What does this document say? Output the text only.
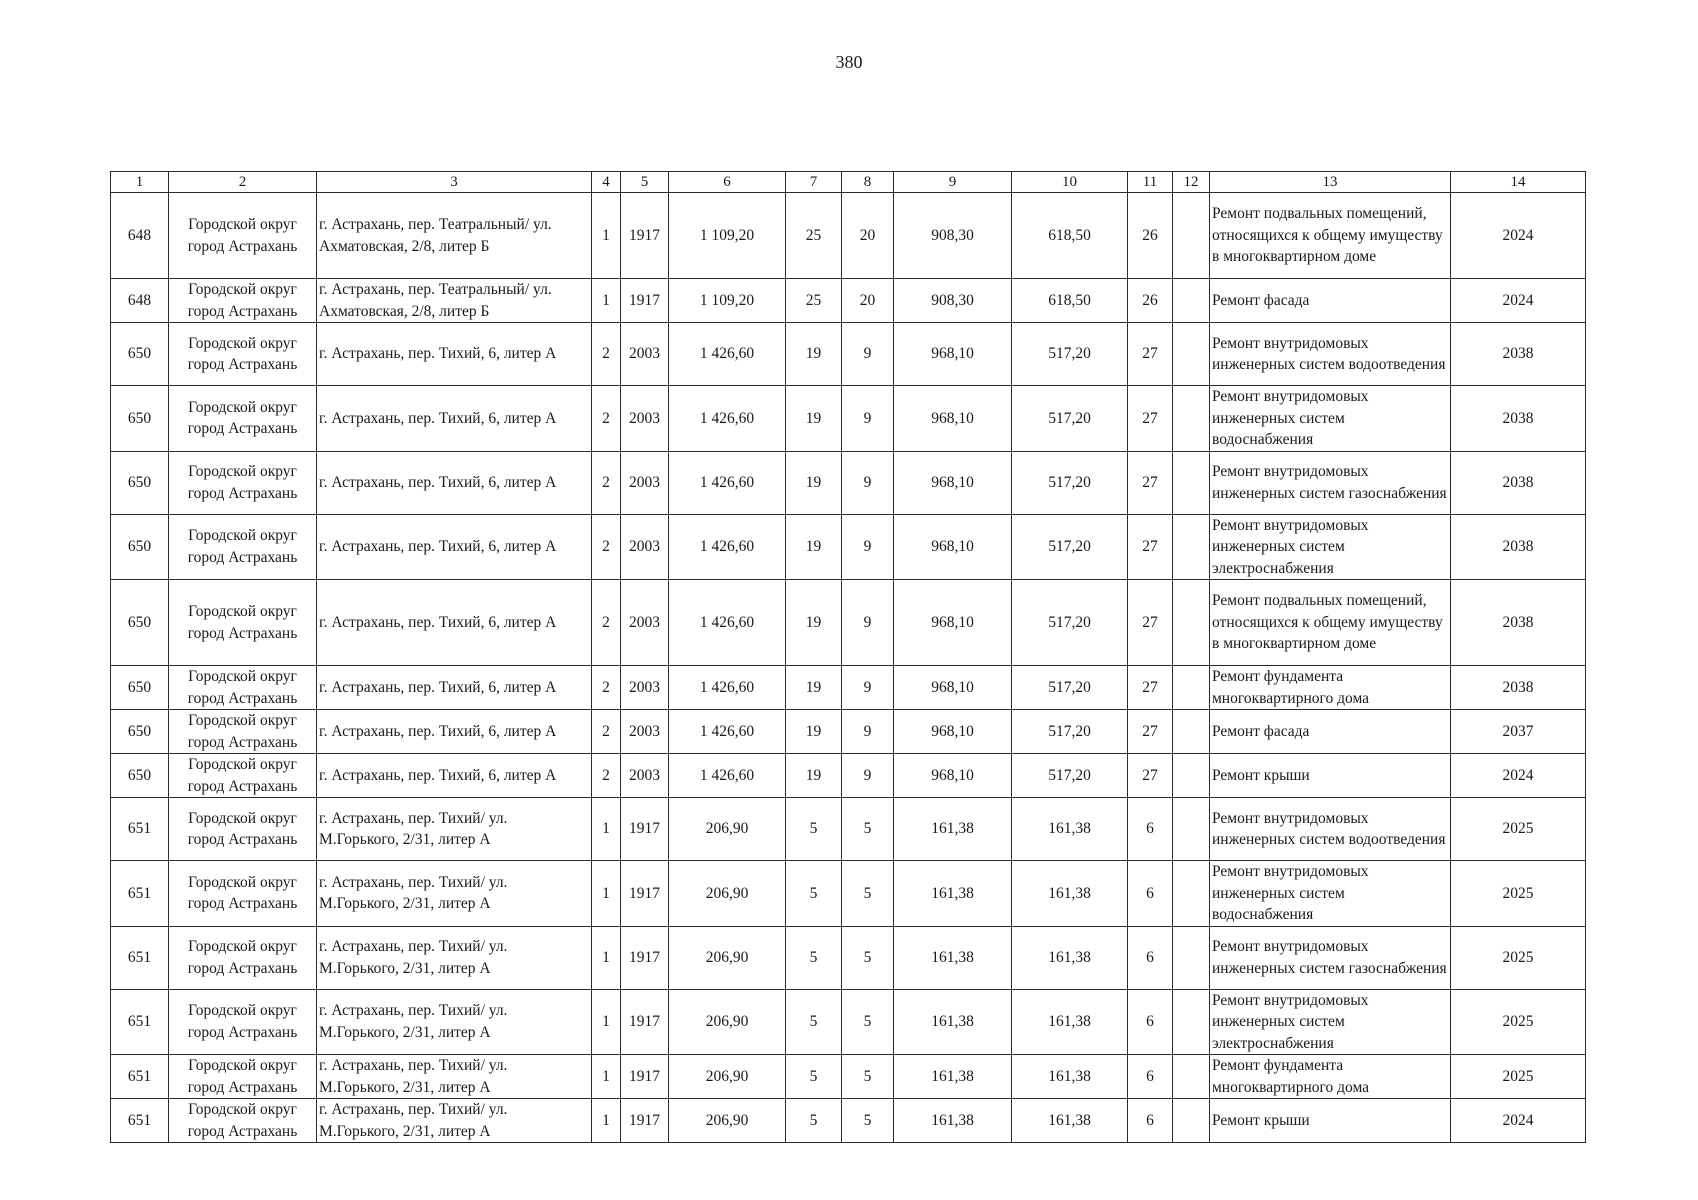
380
1	2	3	4	5	6	7	8	9	10	11	12	13	14
648	Городской округ город Астрахань	г. Астрахань, пер. Театральный/ ул. Ахматовская, 2/8, литер Б	1	1917	1 109,20	25	20	908,30	618,50	26		Ремонт подвальных помещений, относящихся к общему имуществу в многоквартирном доме	2024
648	Городской округ город Астрахань	г. Астрахань, пер. Театральный/ ул. Ахматовская, 2/8, литер Б	1	1917	1 109,20	25	20	908,30	618,50	26		Ремонт фасада	2024
650	Городской округ город Астрахань	г. Астрахань, пер. Тихий, 6, литер А	2	2003	1 426,60	19	9	968,10	517,20	27		Ремонт внутридомовых инженерных систем водоотведения	2038
650	Городской округ город Астрахань	г. Астрахань, пер. Тихий, 6, литер А	2	2003	1 426,60	19	9	968,10	517,20	27		Ремонт внутридомовых инженерных систем водоснабжения	2038
650	Городской округ город Астрахань	г. Астрахань, пер. Тихий, 6, литер А	2	2003	1 426,60	19	9	968,10	517,20	27		Ремонт внутридомовых инженерных систем газоснабжения	2038
650	Городской округ город Астрахань	г. Астрахань, пер. Тихий, 6, литер А	2	2003	1 426,60	19	9	968,10	517,20	27		Ремонт внутридомовых инженерных систем электроснабжения	2038
650	Городской округ город Астрахань	г. Астрахань, пер. Тихий, 6, литер А	2	2003	1 426,60	19	9	968,10	517,20	27		Ремонт подвальных помещений, относящихся к общему имуществу в многоквартирном доме	2038
650	Городской округ город Астрахань	г. Астрахань, пер. Тихий, 6, литер А	2	2003	1 426,60	19	9	968,10	517,20	27		Ремонт фундамента многоквартирного дома	2038
650	Городской округ город Астрахань	г. Астрахань, пер. Тихий, 6, литер А	2	2003	1 426,60	19	9	968,10	517,20	27		Ремонт фасада	2037
650	Городской округ город Астрахань	г. Астрахань, пер. Тихий, 6, литер А	2	2003	1 426,60	19	9	968,10	517,20	27		Ремонт крыши	2024
651	Городской округ город Астрахань	г. Астрахань, пер. Тихий/ ул. М.Горького, 2/31, литер А	1	1917	206,90	5	5	161,38	161,38	6		Ремонт внутридомовых инженерных систем водоотведения	2025
651	Городской округ город Астрахань	г. Астрахань, пер. Тихий/ ул. М.Горького, 2/31, литер А	1	1917	206,90	5	5	161,38	161,38	6		Ремонт внутридомовых инженерных систем водоснабжения	2025
651	Городской округ город Астрахань	г. Астрахань, пер. Тихий/ ул. М.Горького, 2/31, литер А	1	1917	206,90	5	5	161,38	161,38	6		Ремонт внутридомовых инженерных систем газоснабжения	2025
651	Городской округ город Астрахань	г. Астрахань, пер. Тихий/ ул. М.Горького, 2/31, литер А	1	1917	206,90	5	5	161,38	161,38	6		Ремонт внутридомовых инженерных систем электроснабжения	2025
651	Городской округ город Астрахань	г. Астрахань, пер. Тихий/ ул. М.Горького, 2/31, литер А	1	1917	206,90	5	5	161,38	161,38	6		Ремонт фундамента многоквартирного дома	2025
651	Городской округ город Астрахань	г. Астрахань, пер. Тихий/ ул. М.Горького, 2/31, литер А	1	1917	206,90	5	5	161,38	161,38	6		Ремонт крыши	2024
